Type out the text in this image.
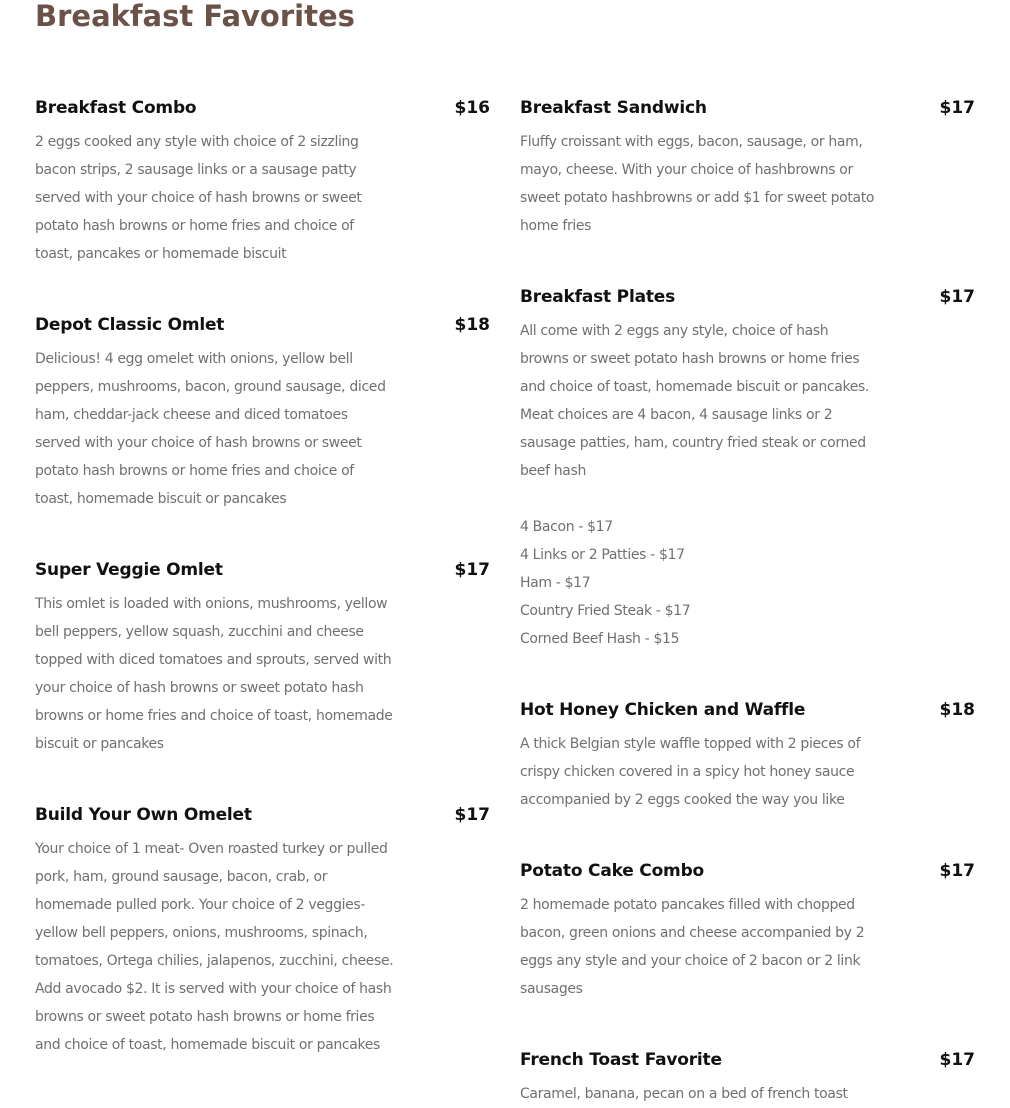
Breakfast Favorites
Breakfast Combo	$16

2 eggs cooked any style with choice of 2 sizzling bacon strips, 2 sausage links or a sausage patty served with your choice of hash browns or sweet potato hash browns or home fries and choice of toast, pancakes or homemade biscuit

Depot Classic Omlet	$18

Delicious! 4 egg omelet with onions, yellow bell peppers, mushrooms, bacon, ground sausage, diced ham, cheddar-jack cheese and diced tomatoes served with your choice of hash browns or sweet potato hash browns or home fries and choice of toast, homemade biscuit or pancakes

Super Veggie Omlet	$17

This omlet is loaded with onions, mushrooms, yellow bell peppers, yellow squash, zucchini and cheese topped with diced tomatoes and sprouts, served with your choice of hash browns or sweet potato hash browns or home fries and choice of toast, homemade biscuit or pancakes

Build Your Own Omelet	$17

Your choice of 1 meat- Oven roasted turkey or pulled pork, ham, ground sausage, bacon, crab, or homemade pulled pork. Your choice of 2 veggies- yellow bell peppers, onions, mushrooms, spinach, tomatoes, Ortega chilies, jalapenos, zucchini, cheese. Add avocado $2. It is served with your choice of hash browns or sweet potato hash browns or home fries and choice of toast, homemade biscuit or pancakes

Breakfast Sandwich	$17

Fluffy croissant with eggs, bacon, sausage, or ham, mayo, cheese. With your choice of hashbrowns or sweet potato hashbrowns or add $1 for sweet potato home fries

Breakfast Plates	$17

All come with 2 eggs any style, choice of hash browns or sweet potato hash browns or home fries and choice of toast, homemade biscuit or pancakes. Meat choices are 4 bacon, 4 sausage links or 2 sausage patties, ham, country fried steak or corned beef hash

4 Bacon - $17
4 Links or 2 Patties - $17
Ham - $17
Country Fried Steak - $17
Corned Beef Hash - $15
Hot Honey Chicken and Waffle	$18

A thick Belgian style waffle topped with 2 pieces of crispy chicken covered in a spicy hot honey sauce accompanied by 2 eggs cooked the way you like

Potato Cake Combo	$17

2 homemade potato pancakes filled with chopped bacon, green onions and cheese accompanied by 2 eggs any style and your choice of 2 bacon or 2 link sausages

French Toast Favorite	$17

Caramel, banana, pecan on a bed of french toast
